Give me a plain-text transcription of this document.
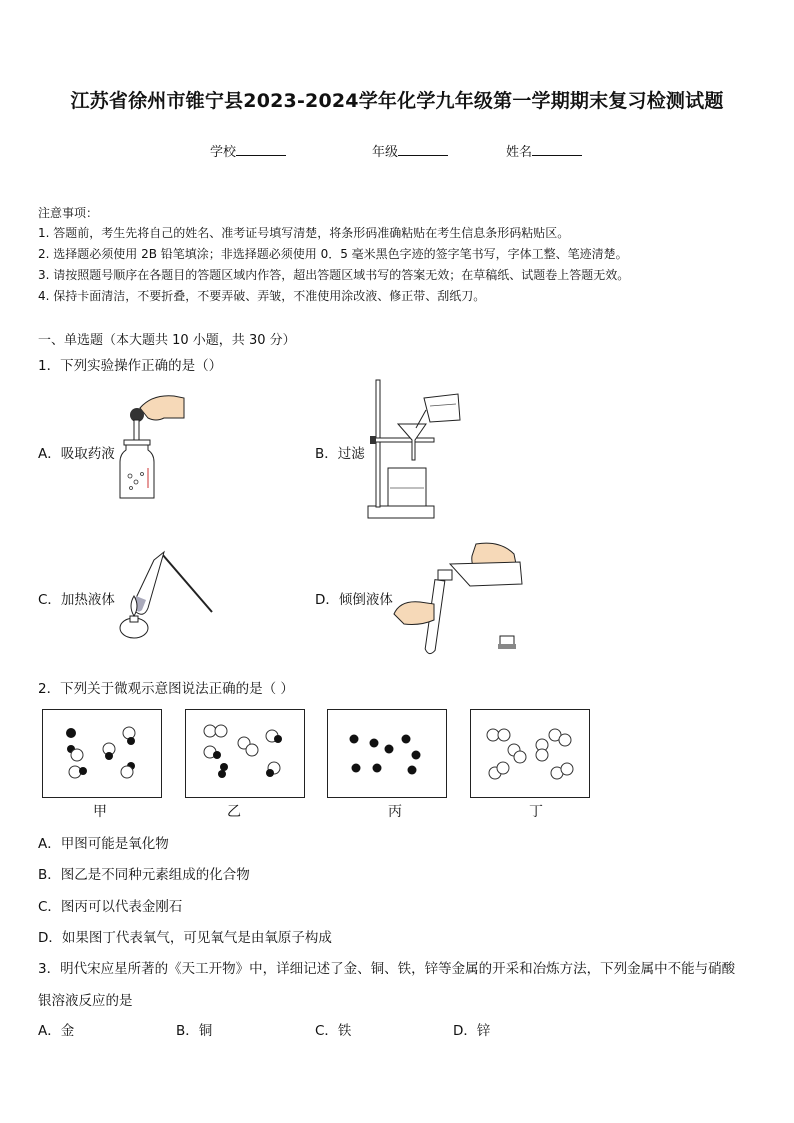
江苏省徐州市锥宁县2023-2024学年化学九年级第一学期期末复习检测试题
学校	年级	姓名
注意事项：
1. 答题前，考生先将自己的姓名、准考证号填写清楚，将条形码准确粘贴在考生信息条形码粘贴区。
2. 选择题必须使用 2B 铅笔填涂；非选择题必须使用 0．5 毫米黑色字迹的签字笔书写，字体工整、笔迹清楚。
3. 请按照题号顺序在各题目的答题区域内作答，超出答题区域书写的答案无效；在草稿纸、试题卷上答题无效。
4. 保持卡面清洁，不要折叠，不要弄破、弄皱，不准使用涂改液、修正带、刮纸刀。
一、单选题（本大题共 10 小题，共 30 分）
1．下列实验操作正确的是（）
A．吸取药液	B．过滤
C．加热液体	D．倾倒液体
2．下列关于微观示意图说法正确的是（ ）
甲	乙	丙	丁
A．甲图可能是氧化物
B．图乙是不同种元素组成的化合物
C．图丙可以代表金刚石
D．如果图丁代表氧气，可见氧气是由氧原子构成
3．明代宋应星所著的《天工开物》中，详细记述了金、铜、铁，锌等金属的开采和冶炼方法，下列金属中不能与硝酸
银溶液反应的是
A．金	B．铜	C．铁	D．锌
